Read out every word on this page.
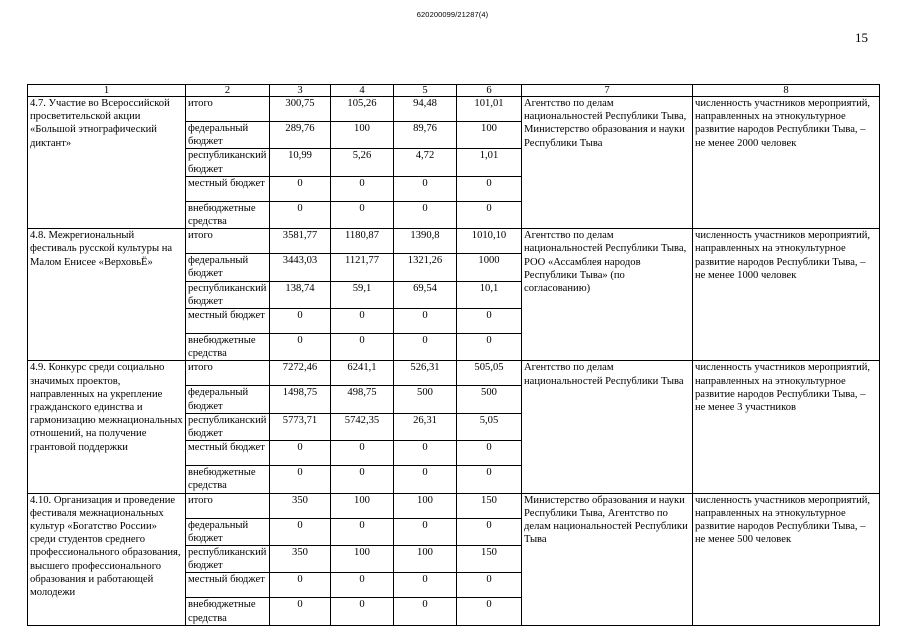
620200099/21287(4)
15
1	2	3	4	5	6	7	8
4.7. Участие во Всероссийской просветительской акции «Большой этнографический диктант»	итого	300,75	105,26	94,48	101,01	Агентство по делам национальностей Республики Тыва, Министерство образования и науки Республики Тыва	численность участников мероприятий, направленных на этнокультурное развитие народов Республики Тыва, – не менее 2000 человек
	федеральный бюджет	289,76	100	89,76	100		
	республиканский бюджет	10,99	5,26	4,72	1,01		
	местный бюджет	0	0	0	0		
	внебюджетные средства	0	0	0	0		
4.8. Межрегиональный фестиваль русской культуры на Малом Енисее «ВерховьЁ»	итого	3581,77	1180,87	1390,8	1010,10	Агентство по делам национальностей Республики Тыва, РОО «Ассамблея народов Республики Тыва» (по согласованию)	численность участников мероприятий, направленных на этнокультурное развитие народов Республики Тыва, – не менее 1000 человек
	федеральный бюджет	3443,03	1121,77	1321,26	1000		
	республиканский бюджет	138,74	59,1	69,54	10,1		
	местный бюджет	0	0	0	0		
	внебюджетные средства	0	0	0	0		
4.9. Конкурс среди социально значимых проектов, направленных на укрепление гражданского единства и гармонизацию межнациональных отношений, на получение грантовой поддержки	итого	7272,46	6241,1	526,31	505,05	Агентство по делам национальностей Республики Тыва	численность участников мероприятий, направленных на этнокультурное развитие народов Республики Тыва, – не менее 3 участников
	федеральный бюджет	1498,75	498,75	500	500		
	республиканский бюджет	5773,71	5742,35	26,31	5,05		
	местный бюджет	0	0	0	0		
	внебюджетные средства	0	0	0	0		
4.10. Организация и проведение фестиваля межнациональных культур «Богатство России» среди студентов среднего профессионального образования, высшего профессионального образования и работающей молодежи	итого	350	100	100	150	Министерство образования и науки Республики Тыва, Агентство по делам национальностей Республики Тыва	численность участников мероприятий, направленных на этнокультурное развитие народов Республики Тыва, – не менее 500 человек
	федеральный бюджет	0	0	0	0		
	республиканский бюджет	350	100	100	150		
	местный бюджет	0	0	0	0		
	внебюджетные средства	0	0	0	0		
